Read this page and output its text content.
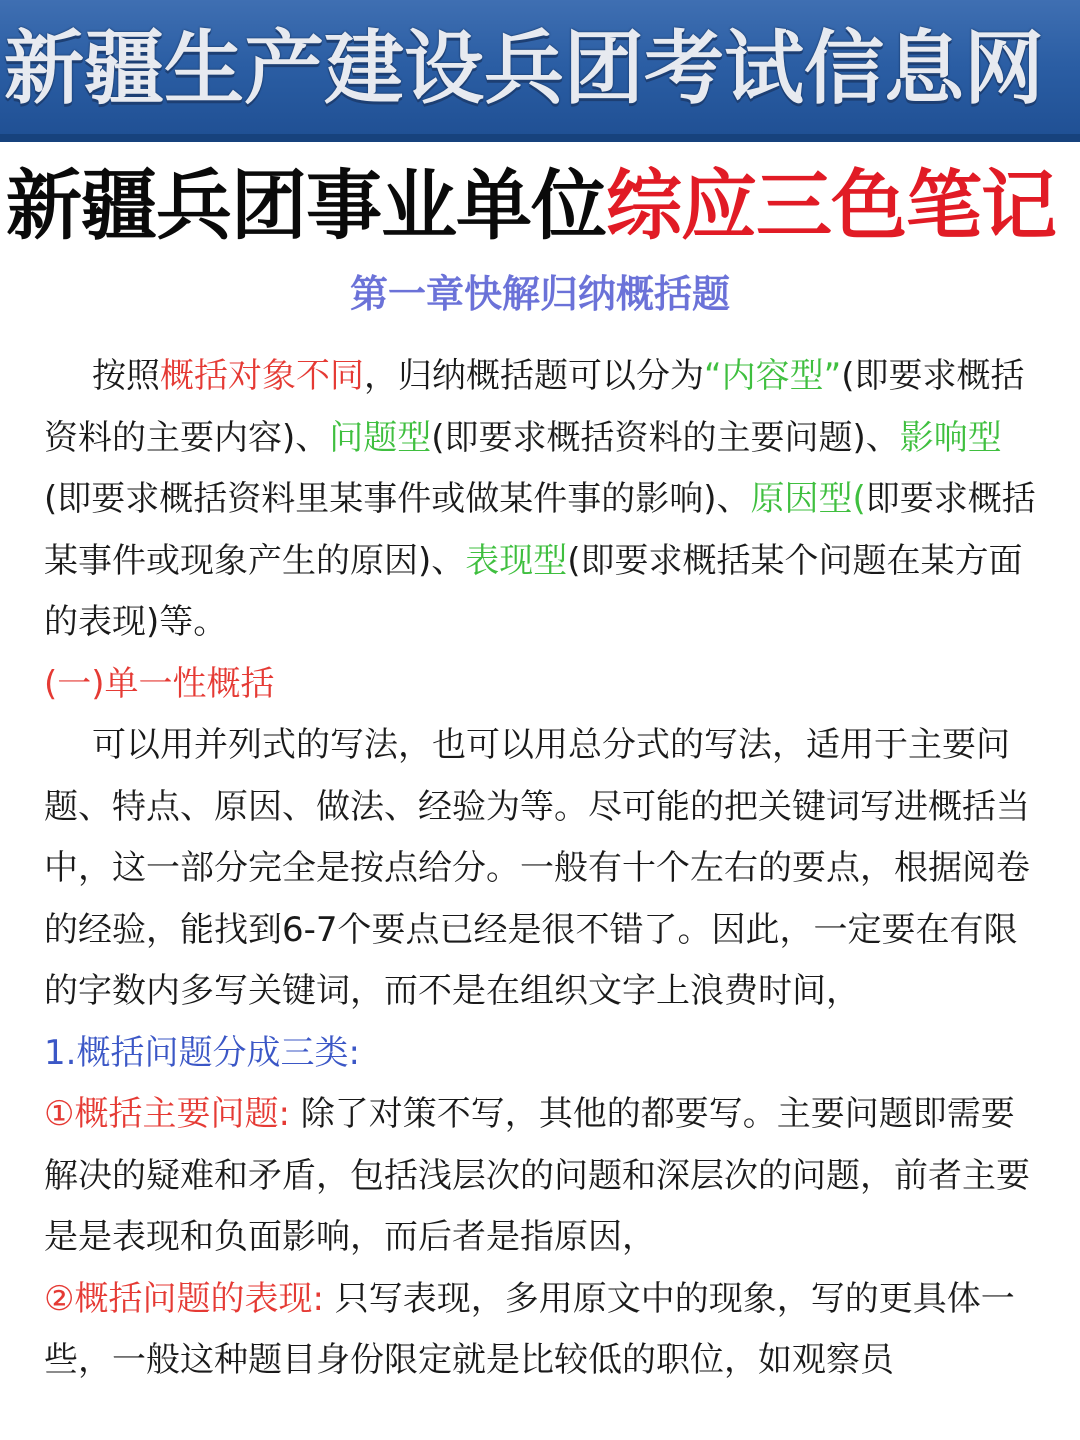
新疆生产建设兵团考试信息网
新疆兵团事业单位综应三色笔记
第一章快解归纳概括题

按照概括对象不同，归纳概括题可以分为“内容型”(即要求概括资料的主要内容)、问题型(即要求概括资料的主要问题)、影响型(即要求概括资料里某事件或做某件事的影响)、原因型(即要求概括某事件或现象产生的原因)、表现型(即要求概括某个问题在某方面的表现)等。

(一)单一性概括

可以用并列式的写法，也可以用总分式的写法，适用于主要问题、特点、原因、做法、经验为等。尽可能的把关键词写进概括当中，这一部分完全是按点给分。一般有十个左右的要点，根据阅卷的经验，能找到6-7个要点已经是很不错了。因此，一定要在有限的字数内多写关键词，而不是在组织文字上浪费时间，

1.概括问题分成三类:

①概括主要问题: 除了对策不写，其他的都要写。主要问题即需要解决的疑难和矛盾，包括浅层次的问题和深层次的问题，前者主要是是表现和负面影响，而后者是指原因，

②概括问题的表现: 只写表现，多用原文中的现象，写的更具体一些，一般这种题目身份限定就是比较低的职位，如观察员
